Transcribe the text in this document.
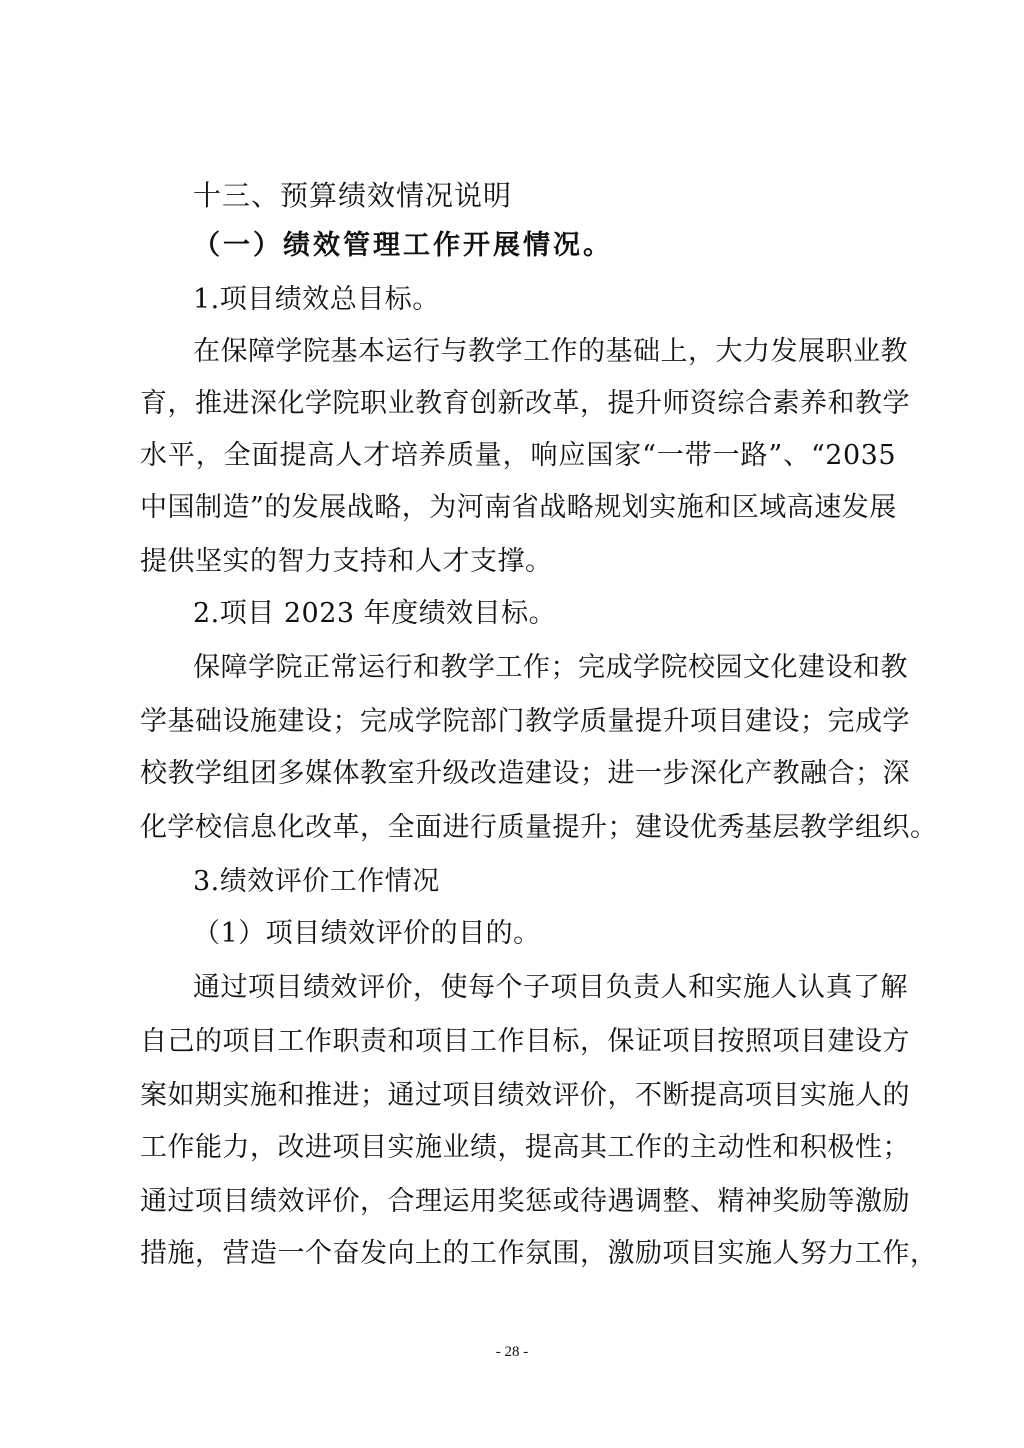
十三、预算绩效情况说明
（一）绩效管理工作开展情况。
1.项目绩效总目标。
在保障学院基本运行与教学工作的基础上，大力发展职业教
育，推进深化学院职业教育创新改革，提升师资综合素养和教学
水平，全面提高人才培养质量，响应国家“一带一路”、“2035
中国制造”的发展战略，为河南省战略规划实施和区域高速发展
提供坚实的智力支持和人才支撑。
2.项目 2023 年度绩效目标。
保障学院正常运行和教学工作；完成学院校园文化建设和教
学基础设施建设；完成学院部门教学质量提升项目建设；完成学
校教学组团多媒体教室升级改造建设；进一步深化产教融合；深
化学校信息化改革，全面进行质量提升；建设优秀基层教学组织。
3.绩效评价工作情况
（1）项目绩效评价的目的。
通过项目绩效评价，使每个子项目负责人和实施人认真了解
自己的项目工作职责和项目工作目标，保证项目按照项目建设方
案如期实施和推进；通过项目绩效评价，不断提高项目实施人的
工作能力，改进项目实施业绩，提高其工作的主动性和积极性；
通过项目绩效评价，合理运用奖惩或待遇调整、精神奖励等激励
措施，营造一个奋发向上的工作氛围，激励项目实施人努力工作，
- 28 -
